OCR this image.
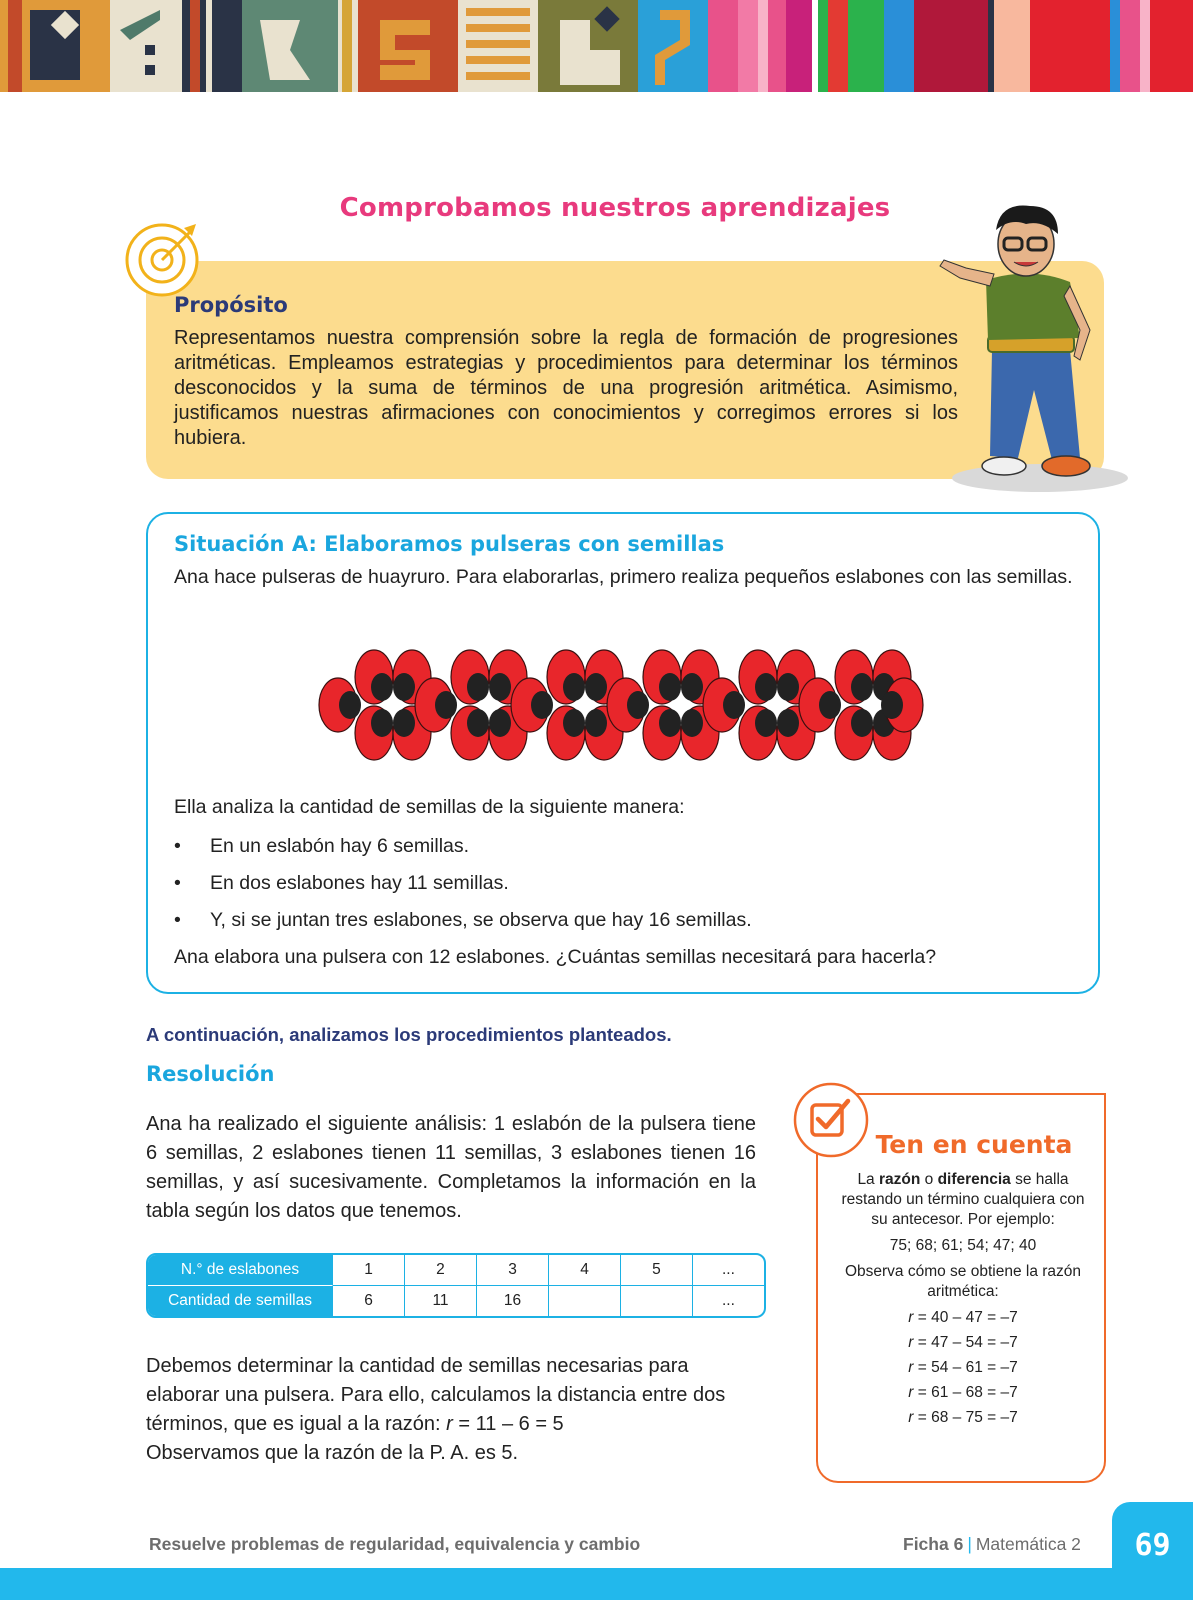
Comprobamos nuestros aprendizajes
Propósito
Representamos nuestra comprensión sobre la regla de formación de progresiones aritméticas. Empleamos estrategias y procedimientos para determinar los términos desconocidos y la suma de términos de una progresión aritmética. Asimismo, justificamos nuestras afirmaciones con conocimientos y corregimos errores si los hubiera.
Situación A: Elaboramos pulseras con semillas
Ana hace pulseras de huayruro. Para elaborarlas, primero realiza pequeños eslabones con las semillas.
Ella analiza la cantidad de semillas de la siguiente manera:
• En un eslabón hay 6 semillas.
• En dos eslabones hay 11 semillas.
• Y, si se juntan tres eslabones, se observa que hay 16 semillas.
Ana elabora una pulsera con 12 eslabones. ¿Cuántas semillas necesitará para hacerla?
A continuación, analizamos los procedimientos planteados.
Resolución
Ana ha realizado el siguiente análisis: 1 eslabón de la pulsera tiene 6 semillas, 2 eslabones tienen 11 semillas, 3 eslabones tienen 16 semillas, y así sucesivamente. Completamos la información en la tabla según los datos que tenemos.
N.° de eslabones	1	2	3	4	5	...
Cantidad de semillas	6	11	16			...
Debemos determinar la cantidad de semillas necesarias para elaborar una pulsera. Para ello, calculamos la distancia entre dos términos, que es igual a la razón: r = 11 – 6 = 5
Observamos que la razón de la P. A. es 5.
Ten en cuenta

La razón o diferencia se halla restando un término cualquiera con su antecesor. Por ejemplo:

75; 68; 61; 54; 47; 40

Observa cómo se obtiene la razón aritmética:

r = 40 – 47 = –7

r = 47 – 54 = –7

r = 54 – 61 = –7

r = 61 – 68 = –7

r = 68 – 75 = –7

Resuelve problemas de regularidad, equivalencia y cambio	Ficha 6 | Matemática 2	69
